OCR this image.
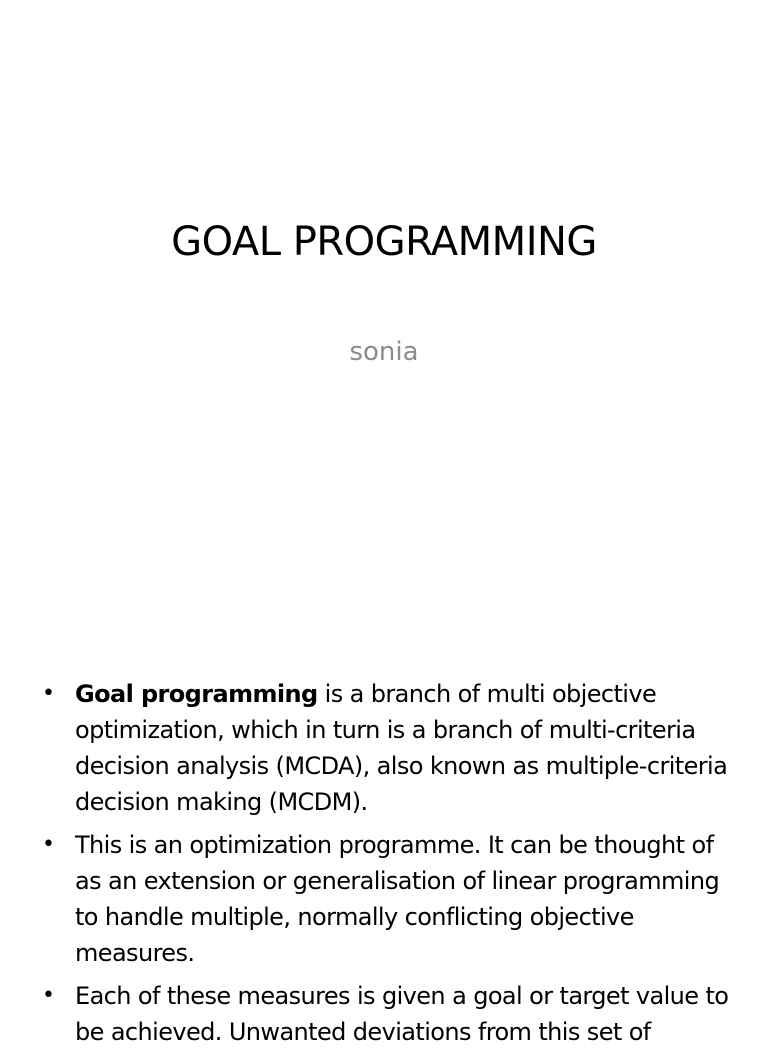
GOAL PROGRAMMING
sonia
• Goal programming is a branch of multi objective optimization, which in turn is a branch of multi-criteria decision analysis (MCDA), also known as multiple-criteria decision making (MCDM).
• This is an optimization programme. It can be thought of as an extension or generalisation of linear programming to handle multiple, normally conflicting objective measures.
• Each of these measures is given a goal or target value to be achieved. Unwanted deviations from this set of
